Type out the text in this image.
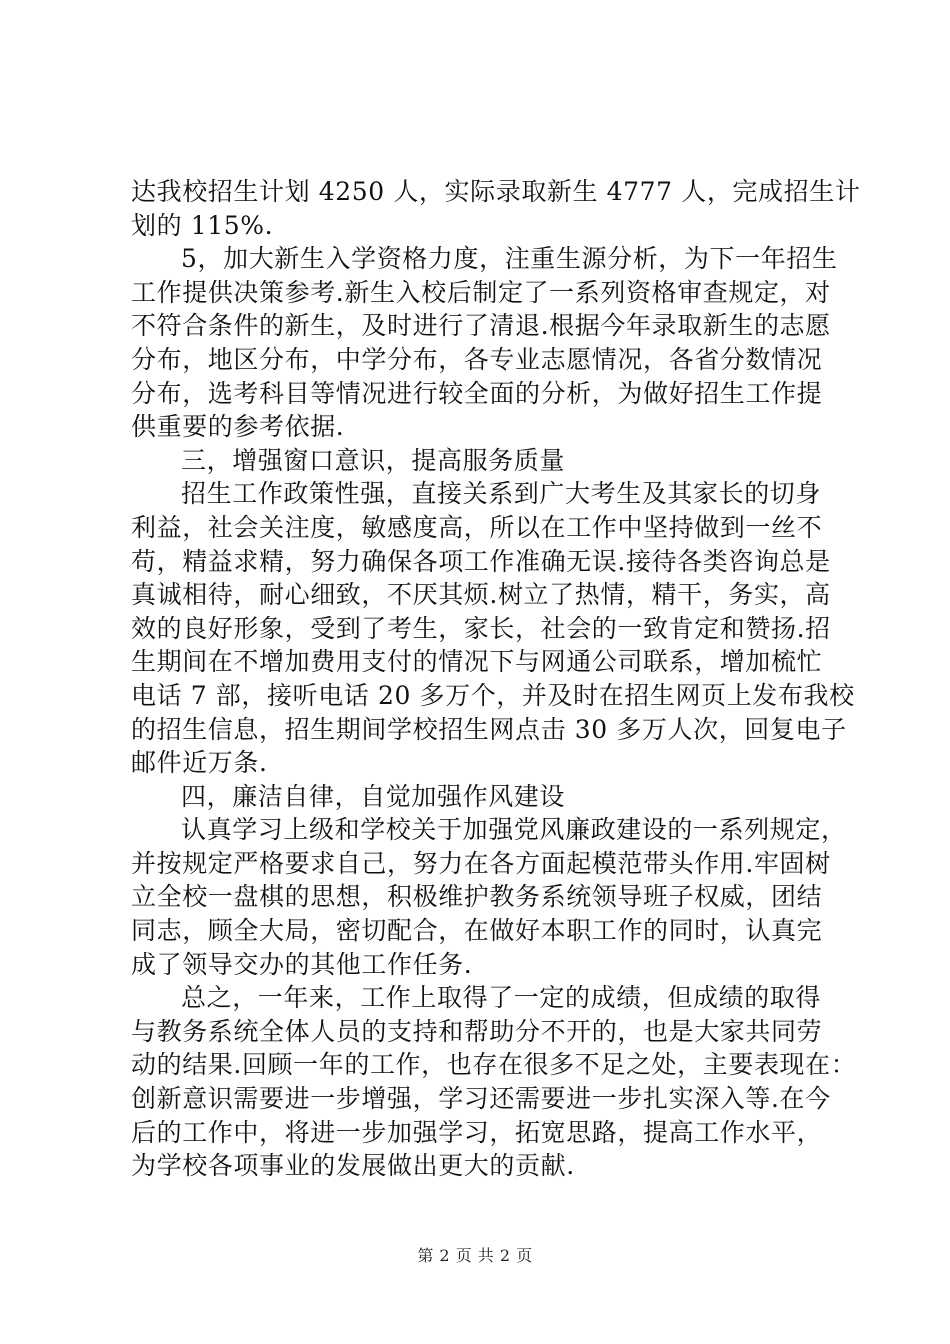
达我校招生计划 4250 人，实际录取新生 4777 人，完成招生计
划的 115%.
5，加大新生入学资格力度，注重生源分析，为下一年招生
工作提供决策参考.新生入校后制定了一系列资格审查规定，对
不符合条件的新生，及时进行了清退.根据今年录取新生的志愿
分布，地区分布，中学分布，各专业志愿情况，各省分数情况
分布，选考科目等情况进行较全面的分析，为做好招生工作提
供重要的参考依据.
三，增强窗口意识，提高服务质量
招生工作政策性强，直接关系到广大考生及其家长的切身
利益，社会关注度，敏感度高，所以在工作中坚持做到一丝不
苟，精益求精，努力确保各项工作准确无误.接待各类咨询总是
真诚相待，耐心细致，不厌其烦.树立了热情，精干，务实，高
效的良好形象，受到了考生，家长，社会的一致肯定和赞扬.招
生期间在不增加费用支付的情况下与网通公司联系，增加梳忙
电话 7 部，接听电话 20 多万个，并及时在招生网页上发布我校
的招生信息，招生期间学校招生网点击 30 多万人次，回复电子
邮件近万条.
四，廉洁自律，自觉加强作风建设
认真学习上级和学校关于加强党风廉政建设的一系列规定，
并按规定严格要求自己，努力在各方面起模范带头作用.牢固树
立全校一盘棋的思想，积极维护教务系统领导班子权威，团结
同志，顾全大局，密切配合，在做好本职工作的同时，认真完
成了领导交办的其他工作任务.
总之，一年来，工作上取得了一定的成绩，但成绩的取得
与教务系统全体人员的支持和帮助分不开的，也是大家共同劳
动的结果.回顾一年的工作，也存在很多不足之处，主要表现在：
创新意识需要进一步增强，学习还需要进一步扎实深入等.在今
后的工作中，将进一步加强学习，拓宽思路，提高工作水平，
为学校各项事业的发展做出更大的贡献.
第 2 页 共 2 页
